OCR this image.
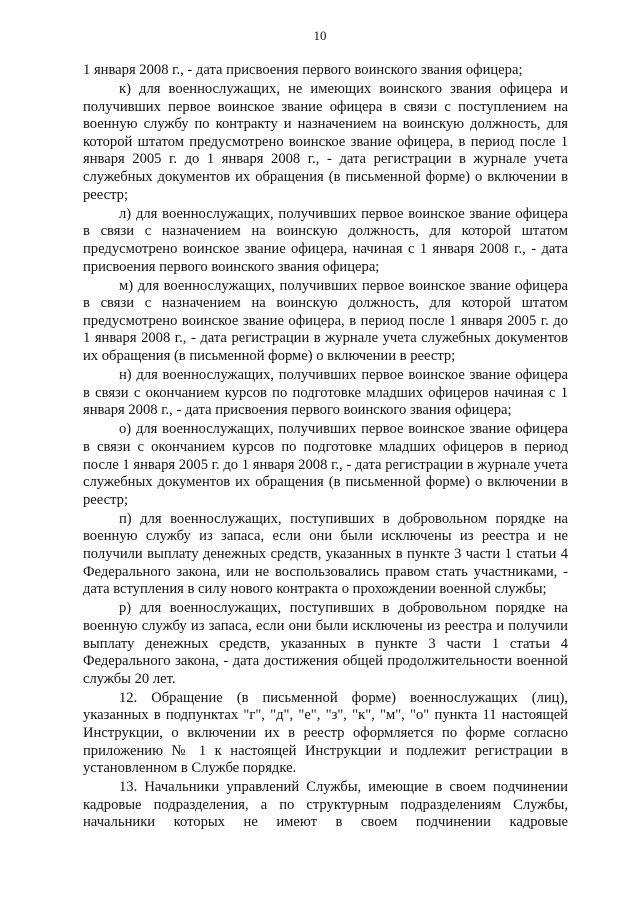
10

1 января 2008 г., - дата присвоения первого воинского звания офицера;

к) для военнослужащих, не имеющих воинского звания офицера и получивших первое воинское звание офицера в связи с поступлением на военную службу по контракту и назначением на воинскую должность, для которой штатом предусмотрено воинское звание офицера, в период после 1 января 2005 г. до 1 января 2008 г., - дата регистрации в журнале учета служебных документов их обращения (в письменной форме) о включении в реестр;

л) для военнослужащих, получивших первое воинское звание офицера в связи с назначением на воинскую должность, для которой штатом предусмотрено воинское звание офицера, начиная с 1 января 2008 г., - дата присвоения первого воинского звания офицера;

м) для военнослужащих, получивших первое воинское звание офицера в связи с назначением на воинскую должность, для которой штатом предусмотрено воинское звание офицера, в период после 1 января 2005 г. до 1 января 2008 г., - дата регистрации в журнале учета служебных документов их обращения (в письменной форме) о включении в реестр;

н) для военнослужащих, получивших первое воинское звание офицера в связи с окончанием курсов по подготовке младших офицеров начиная с 1 января 2008 г., - дата присвоения первого воинского звания офицера;

о) для военнослужащих, получивших первое воинское звание офицера в связи с окончанием курсов по подготовке младших офицеров в период после 1 января 2005 г. до 1 января 2008 г., - дата регистрации в журнале учета служебных документов их обращения (в письменной форме) о включении в реестр;

п) для военнослужащих, поступивших в добровольном порядке на военную службу из запаса, если они были исключены из реестра и не получили выплату денежных средств, указанных в пункте 3 части 1 статьи 4 Федерального закона, или не воспользовались правом стать участниками, - дата вступления в силу нового контракта о прохождении военной службы;

р) для военнослужащих, поступивших в добровольном порядке на военную службу из запаса, если они были исключены из реестра и получили выплату денежных средств, указанных в пункте 3 части 1 статьи 4 Федерального закона, - дата достижения общей продолжительности военной службы 20 лет.

12. Обращение (в письменной форме) военнослужащих (лиц), указанных в подпунктах "г", "д", "е", "з", "к", "м", "о" пункта 11 настоящей Инструкции, о включении их в реестр оформляется по форме согласно приложению № 1 к настоящей Инструкции и подлежит регистрации в установленном в Службе порядке.

13. Начальники управлений Службы, имеющие в своем подчинении кадровые подразделения, а по структурным подразделениям Службы, начальники которых не имеют в своем подчинении кадровые
